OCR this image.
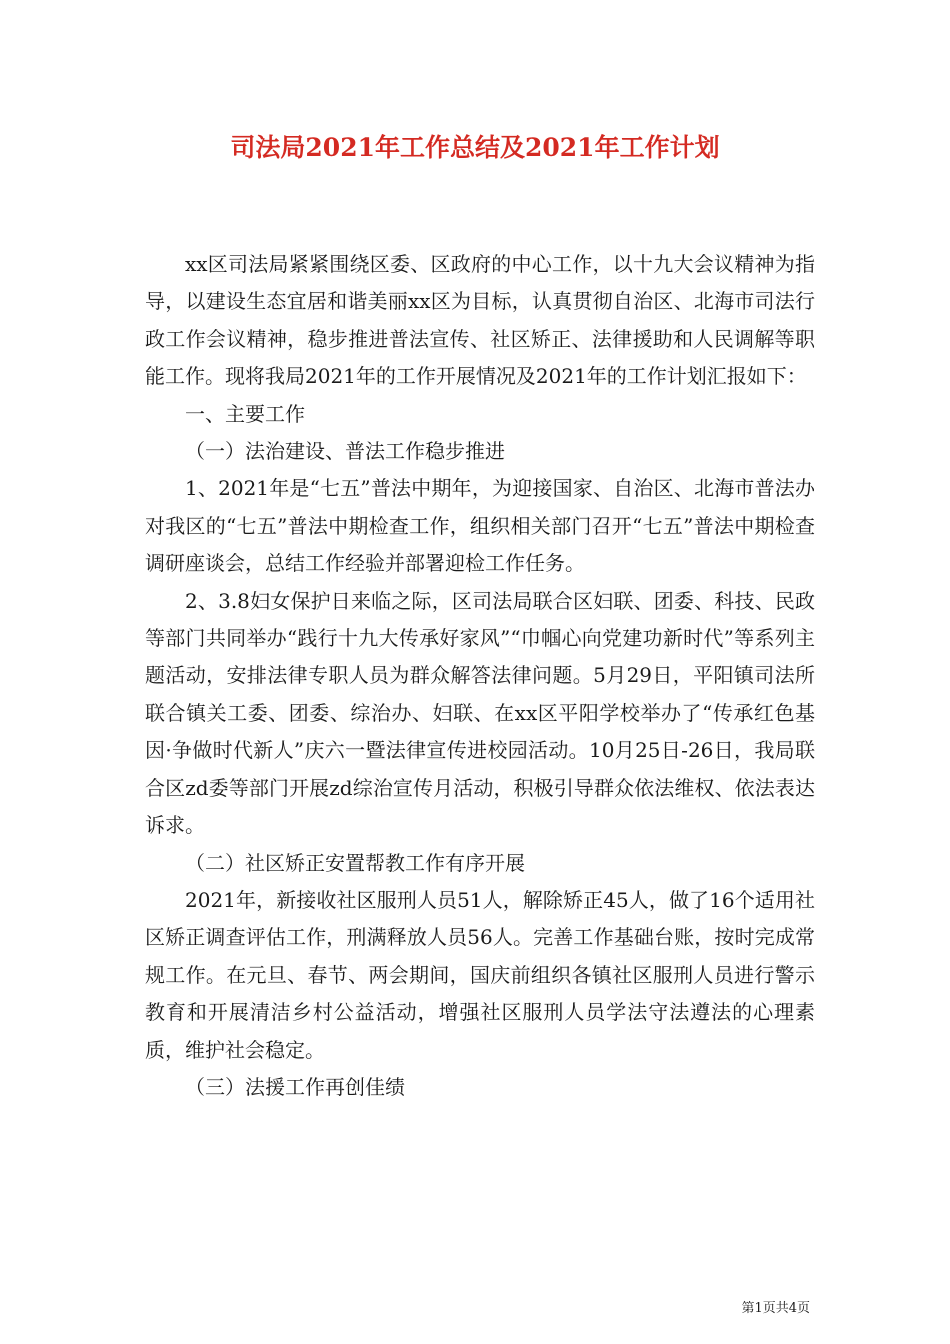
司法局2021年工作总结及2021年工作计划

xx区司法局紧紧围绕区委、区政府的中心工作，以十九大会议精神为指导，以建设生态宜居和谐美丽xx区为目标，认真贯彻自治区、北海市司法行政工作会议精神，稳步推进普法宣传、社区矫正、法律援助和人民调解等职能工作。现将我局2021年的工作开展情况及2021年的工作计划汇报如下：

一、主要工作

（一）法治建设、普法工作稳步推进

1、2021年是“七五”普法中期年，为迎接国家、自治区、北海市普法办对我区的“七五”普法中期检查工作，组织相关部门召开“七五”普法中期检查调研座谈会，总结工作经验并部署迎检工作任务。

2、3.8妇女保护日来临之际，区司法局联合区妇联、团委、科技、民政等部门共同举办“践行十九大传承好家风”“巾帼心向党建功新时代”等系列主题活动，安排法律专职人员为群众解答法律问题。5月29日，平阳镇司法所联合镇关工委、团委、综治办、妇联、在xx区平阳学校举办了“传承红色基因·争做时代新人”庆六一暨法律宣传进校园活动。10月25日-26日，我局联合区zd委等部门开展zd综治宣传月活动，积极引导群众依法维权、依法表达诉求。

（二）社区矫正安置帮教工作有序开展

2021年，新接收社区服刑人员51人，解除矫正45人，做了16个适用社区矫正调查评估工作，刑满释放人员56人。完善工作基础台账，按时完成常规工作。在元旦、春节、两会期间，国庆前组织各镇社区服刑人员进行警示教育和开展清洁乡村公益活动，增强社区服刑人员学法守法遵法的心理素质，维护社会稳定。

（三）法援工作再创佳绩

第1页共4页
